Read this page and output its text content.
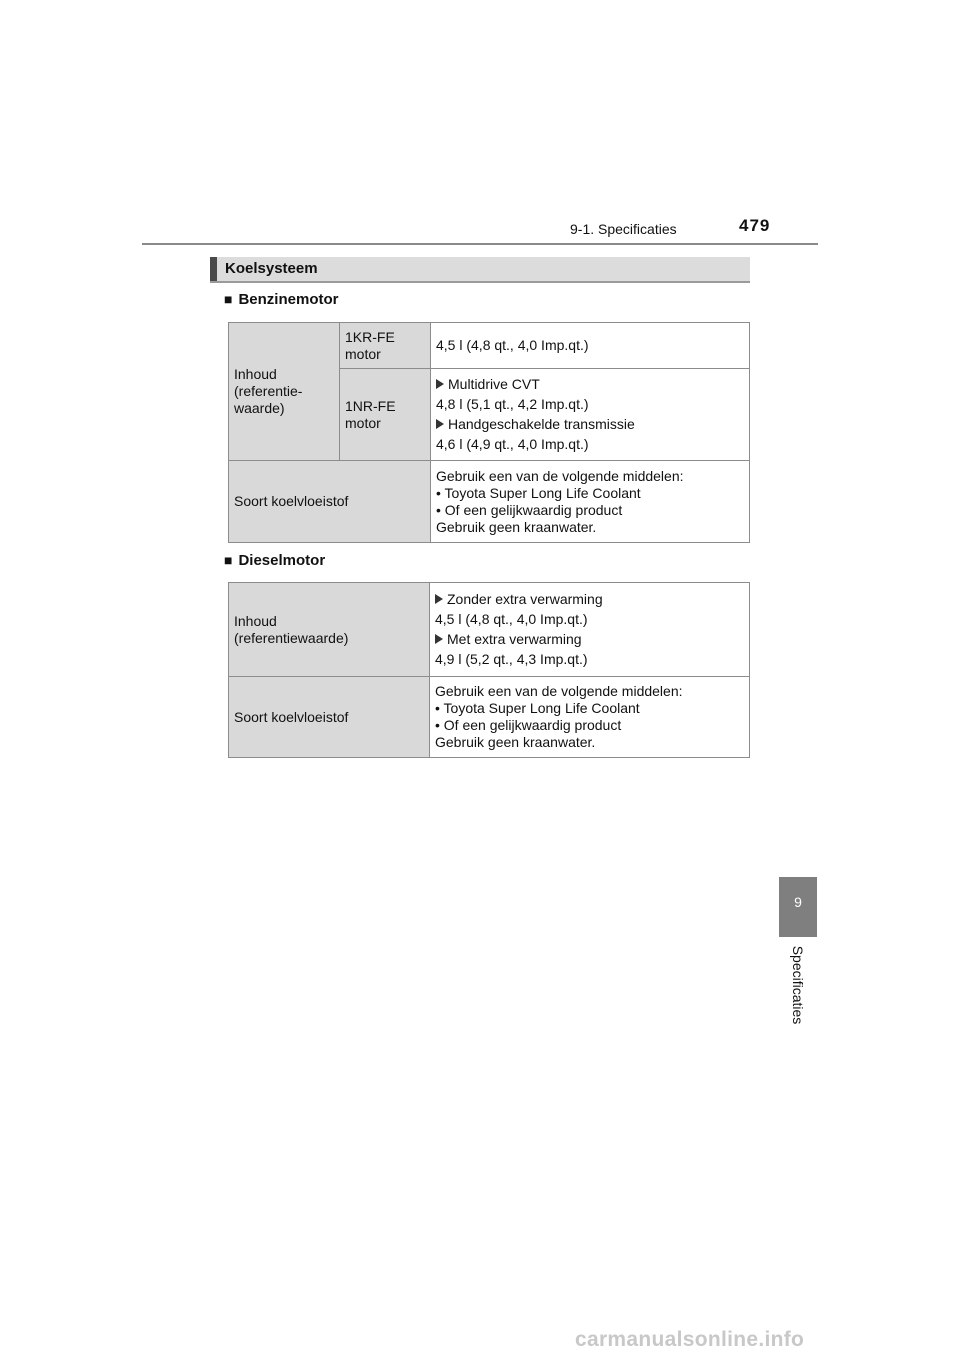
9-1. Specificaties	479
Koelsysteem
■ Benzinemotor
Inhoud
(referentie-
waarde)	1KR-FE
motor	4,5 l (4,8 qt., 4,0 Imp.qt.)
	1NR-FE
motor	Multidrive CVT
4,8 l (5,1 qt., 4,2 Imp.qt.)
Handgeschakelde transmissie
4,6 l (4,9 qt., 4,0 Imp.qt.)

Soort koelvloeistof		Gebruik een van de volgende middelen:
• Toyota Super Long Life Coolant
• Of een gelijkwaardig product
Gebruik geen kraanwater.
■ Dieselmotor
Inhoud
(referentiewaarde)	Zonder extra verwarming
4,5 l (4,8 qt., 4,0 Imp.qt.)
Met extra verwarming
4,9 l (5,2 qt., 4,3 Imp.qt.)

Soort koelvloeistof	Gebruik een van de volgende middelen:
• Toyota Super Long Life Coolant
• Of een gelijkwaardig product
Gebruik geen kraanwater.
9
Specificaties
carmanualsonline.info
